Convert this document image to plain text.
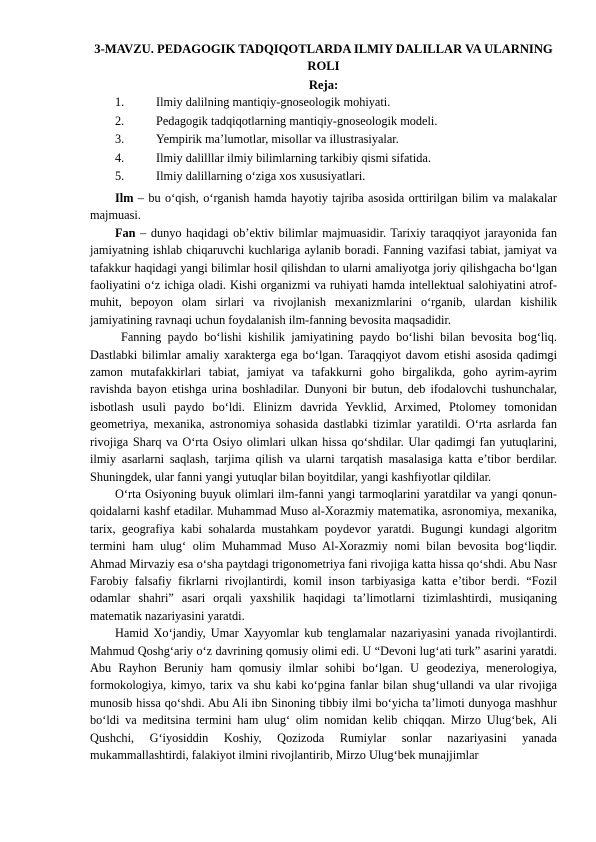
3-MAVZU. PEDAGOGIK TADQIQOTLARDA ILMIY DALILLAR VA ULARNING ROLI
Reja:
1.	Ilmiy dalilning mantiqiy-gnoseologik mohiyati.
2.	Pedagogik tadqiqotlarning mantiqiy-gnoseologik modeli.
3.	Yempirik ma’lumotlar, misollar va illustrasiyalar.
4.	Ilmiy dalilllar ilmiy bilimlarning tarkibiy qismi sifatida.
5.	Ilmiy dalillarning o‘ziga xos xususiyatlari.

Ilm – bu o‘qish, o‘rganish hamda hayotiy tajriba asosida orttirilgan bilim va malakalar majmuasi.

Fan – dunyo haqidagi ob’ektiv bilimlar majmuasidir. Tarixiy taraqqiyot jarayonida fan jamiyatning ishlab chiqaruvchi kuchlariga aylanib boradi. Fanning vazifasi tabiat, jamiyat va tafakkur haqidagi yangi bilimlar hosil qilishdan to ularni amaliyotga joriy qilishgacha bo‘lgan faoliyatini o‘z ichiga oladi. Kishi organizmi va ruhiyati hamda intellektual salohiyatini atrof-muhit, bepoyon olam sirlari va rivojlanish mexanizmlarini o‘rganib, ulardan kishilik jamiyatining ravnaqi uchun foydalanish ilm-fanning bevosita maqsadidir.

Fanning paydo bo‘lishi kishilik jamiyatining paydo bo‘lishi bilan bevosita bog‘liq. Dastlabki bilimlar amaliy xarakterga ega bo‘lgan. Taraqqiyot davom etishi asosida qadimgi zamon mutafakkirlari tabiat, jamiyat va tafakkurni goho birgalikda, goho ayrim-ayrim ravishda bayon etishga urina boshladilar. Dunyoni bir butun, deb ifodalovchi tushunchalar, isbotlash usuli paydo bo‘ldi. Elinizm davrida Yevklid, Arximed, Ptolomey tomonidan geometriya, mexanika, astronomiya sohasida dastlabki tizimlar yaratildi. O‘rta asrlarda fan rivojiga Sharq va O‘rta Osiyo olimlari ulkan hissa qo‘shdilar. Ular qadimgi fan yutuqlarini, ilmiy asarlarni saqlash, tarjima qilish va ularni tarqatish masalasiga katta e’tibor berdilar. Shuningdek, ular fanni yangi yutuqlar bilan boyitdilar, yangi kashfiyotlar qildilar.

O‘rta Osiyoning buyuk olimlari ilm-fanni yangi tarmoqlarini yaratdilar va yangi qonun-qoidalarni kashf etadilar. Muhammad Muso al-Xorazmiy matematika, asronomiya, mexanika, tarix, geografiya kabi sohalarda mustahkam poydevor yaratdi. Bugungi kundagi algoritm termini ham ulug‘ olim Muhammad Muso Al-Xorazmiy nomi bilan bevosita bog‘liqdir. Ahmad Mirvaziy esa o‘sha paytdagi trigonometriya fani rivojiga katta hissa qo‘shdi. Abu Nasr Farobiy falsafiy fikrlarni rivojlantirdi, komil inson tarbiyasiga katta e’tibor berdi. “Fozil odamlar shahri” asari orqali yaxshilik haqidagi ta’limotlarni tizimlashtirdi, musiqaning matematik nazariyasini yaratdi.

Hamid Xo‘jandiy, Umar Xayyomlar kub tenglamalar nazariyasini yanada rivojlantirdi. Mahmud Qoshg‘ariy o‘z davrining qomusiy olimi edi. U “Devoni lug‘ati turk” asarini yaratdi. Abu Rayhon Beruniy ham qomusiy ilmlar sohibi bo‘lgan. U geodeziya, menerologiya, formokologiya, kimyo, tarix va shu kabi ko‘pgina fanlar bilan shug‘ullandi va ular rivojiga munosib hissa qo‘shdi. Abu Ali ibn Sinoning tibbiy ilmi bo‘yicha ta’limoti dunyoga mashhur bo‘ldi va meditsina termini ham ulug‘ olim nomidan kelib chiqqan. Mirzo Ulug‘bek, Ali Qushchi, G‘iyosiddin Koshiy, Qozizoda Rumiylar sonlar nazariyasini yanada mukammallashtirdi, falakiyot ilmini rivojlantirib, Mirzo Ulug‘bek munajjimlar
